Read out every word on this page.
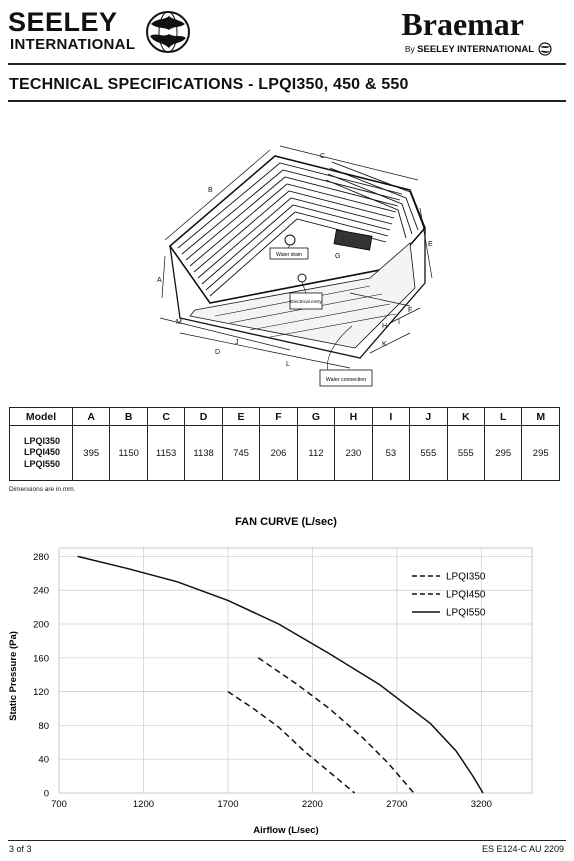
SEELEY
INTERNATIONAL
Braemar
By SEELEY INTERNATIONAL
TECHNICAL SPECIFICATIONS - LPQI350, 450 & 550
B
C
E
A
M
J
D
L
K
H
I
F
G
Water drain
Electrical entry
Water connection
Model	A	B	C	D	E	F	G	H	I	J	K	L	M

LPQI350
LPQI450
LPQI550	395	1150	1153	1138	745	206	112	230	53	555	555	295	295
Dimensions are in mm.
700	1200	1700	2200	2700	3200
0
40
80
120
160
200
240
280
LPQI350
LPQI450
LPQI550
FAN CURVE (L/sec)
Airflow (L/sec)
Static Pressure (Pa)
3 of 3	ES E124-C AU 2209
